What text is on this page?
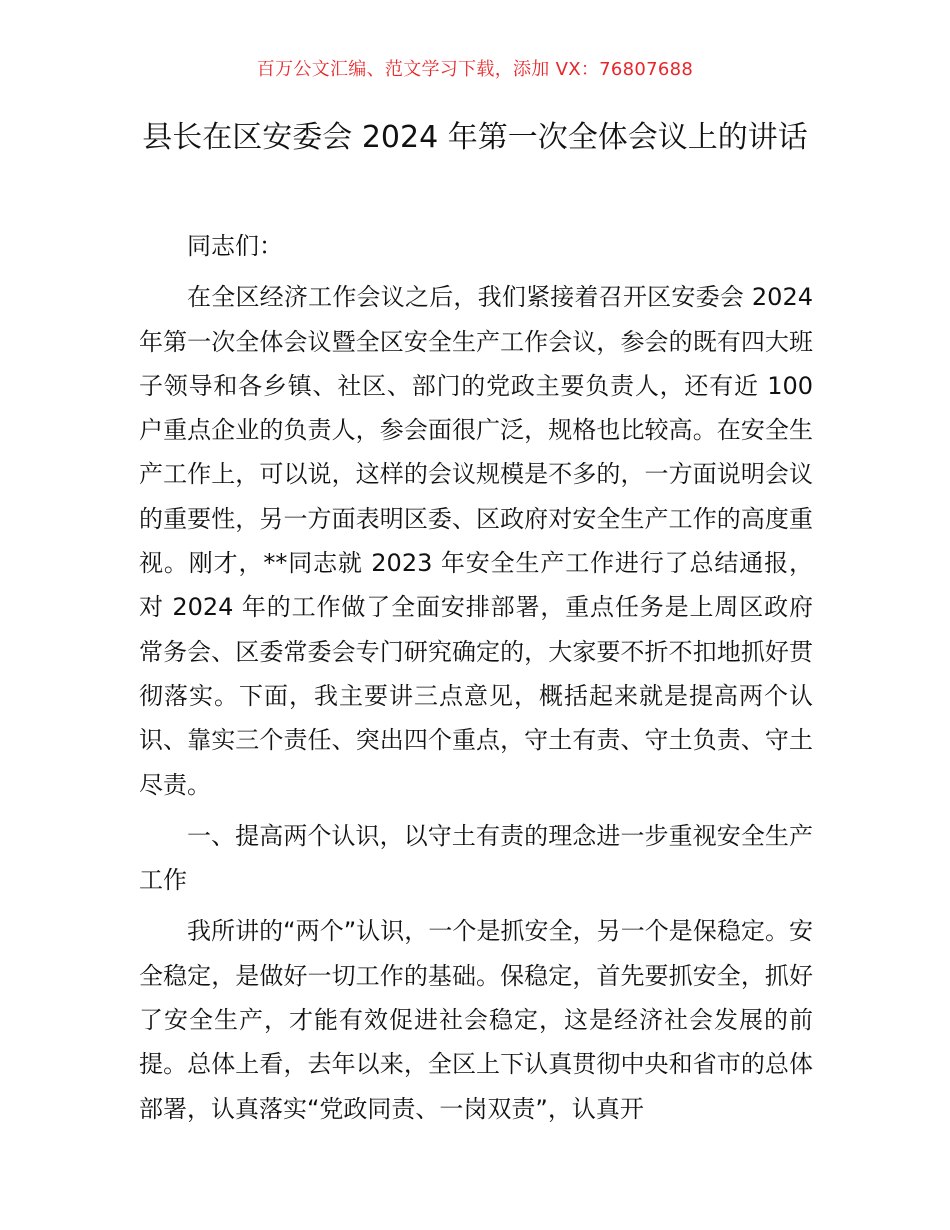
百万公文汇编、范文学习下载，添加 VX：76807688
县长在区安委会 2024 年第一次全体会议上的讲话

同志们：

在全区经济工作会议之后，我们紧接着召开区安委会 2024 年第一次全体会议暨全区安全生产工作会议，参会的既有四大班子领导和各乡镇、社区、部门的党政主要负责人，还有近 100 户重点企业的负责人，参会面很广泛，规格也比较高。在安全生产工作上，可以说，这样的会议规模是不多的，一方面说明会议的重要性，另一方面表明区委、区政府对安全生产工作的高度重视。刚才，**同志就 2023 年安全生产工作进行了总结通报，对 2024 年的工作做了全面安排部署，重点任务是上周区政府常务会、区委常委会专门研究确定的，大家要不折不扣地抓好贯彻落实。下面，我主要讲三点意见，概括起来就是提高两个认识、靠实三个责任、突出四个重点，守土有责、守土负责、守土尽责。

一、提高两个认识，以守土有责的理念进一步重视安全生产工作

我所讲的“两个”认识，一个是抓安全，另一个是保稳定。安全稳定，是做好一切工作的基础。保稳定，首先要抓安全，抓好了安全生产，才能有效促进社会稳定，这是经济社会发展的前提。总体上看，去年以来，全区上下认真贯彻中央和省市的总体部署，认真落实“党政同责、一岗双责”，认真开
